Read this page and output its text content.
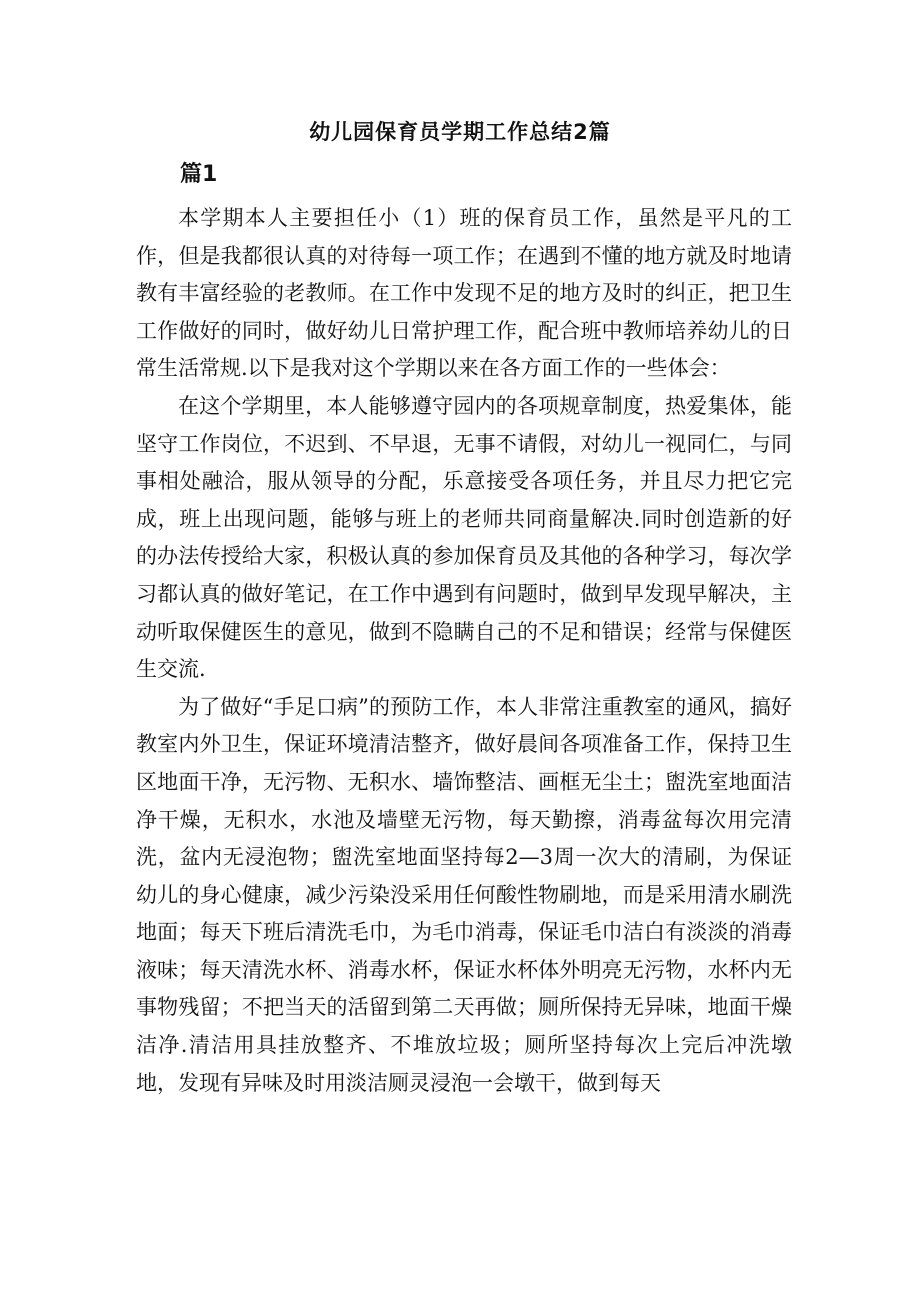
幼儿园保育员学期工作总结2篇
篇1

本学期本人主要担任小（1）班的保育员工作，虽然是平凡的工作，但是我都很认真的对待每一项工作；在遇到不懂的地方就及时地请教有丰富经验的老教师。在工作中发现不足的地方及时的纠正，把卫生工作做好的同时，做好幼儿日常护理工作，配合班中教师培养幼儿的日常生活常规.以下是我对这个学期以来在各方面工作的一些体会：

在这个学期里，本人能够遵守园内的各项规章制度，热爱集体，能坚守工作岗位，不迟到、不早退，无事不请假，对幼儿一视同仁，与同事相处融洽，服从领导的分配，乐意接受各项任务，并且尽力把它完成，班上出现问题，能够与班上的老师共同商量解决.同时创造新的好的办法传授给大家，积极认真的参加保育员及其他的各种学习，每次学习都认真的做好笔记，在工作中遇到有问题时，做到早发现早解决，主动听取保健医生的意见，做到不隐瞒自己的不足和错误；经常与保健医生交流.

为了做好“手足口病”的预防工作，本人非常注重教室的通风，搞好教室内外卫生，保证环境清洁整齐，做好晨间各项准备工作，保持卫生区地面干净，无污物、无积水、墙饰整洁、画框无尘土；盥洗室地面洁净干燥，无积水，水池及墙壁无污物，每天勤擦，消毒盆每次用完清洗，盆内无浸泡物；盥洗室地面坚持每2—3周一次大的清刷，为保证幼儿的身心健康，减少污染没采用任何酸性物刷地，而是采用清水刷洗地面；每天下班后清洗毛巾，为毛巾消毒，保证毛巾洁白有淡淡的消毒液味；每天清洗水杯、消毒水杯，保证水杯体外明亮无污物，水杯内无事物残留；不把当天的活留到第二天再做；厕所保持无异味，地面干燥洁净.清洁用具挂放整齐、不堆放垃圾；厕所坚持每次上完后冲洗墩地，发现有异味及时用淡洁厕灵浸泡一会墩干，做到每天
